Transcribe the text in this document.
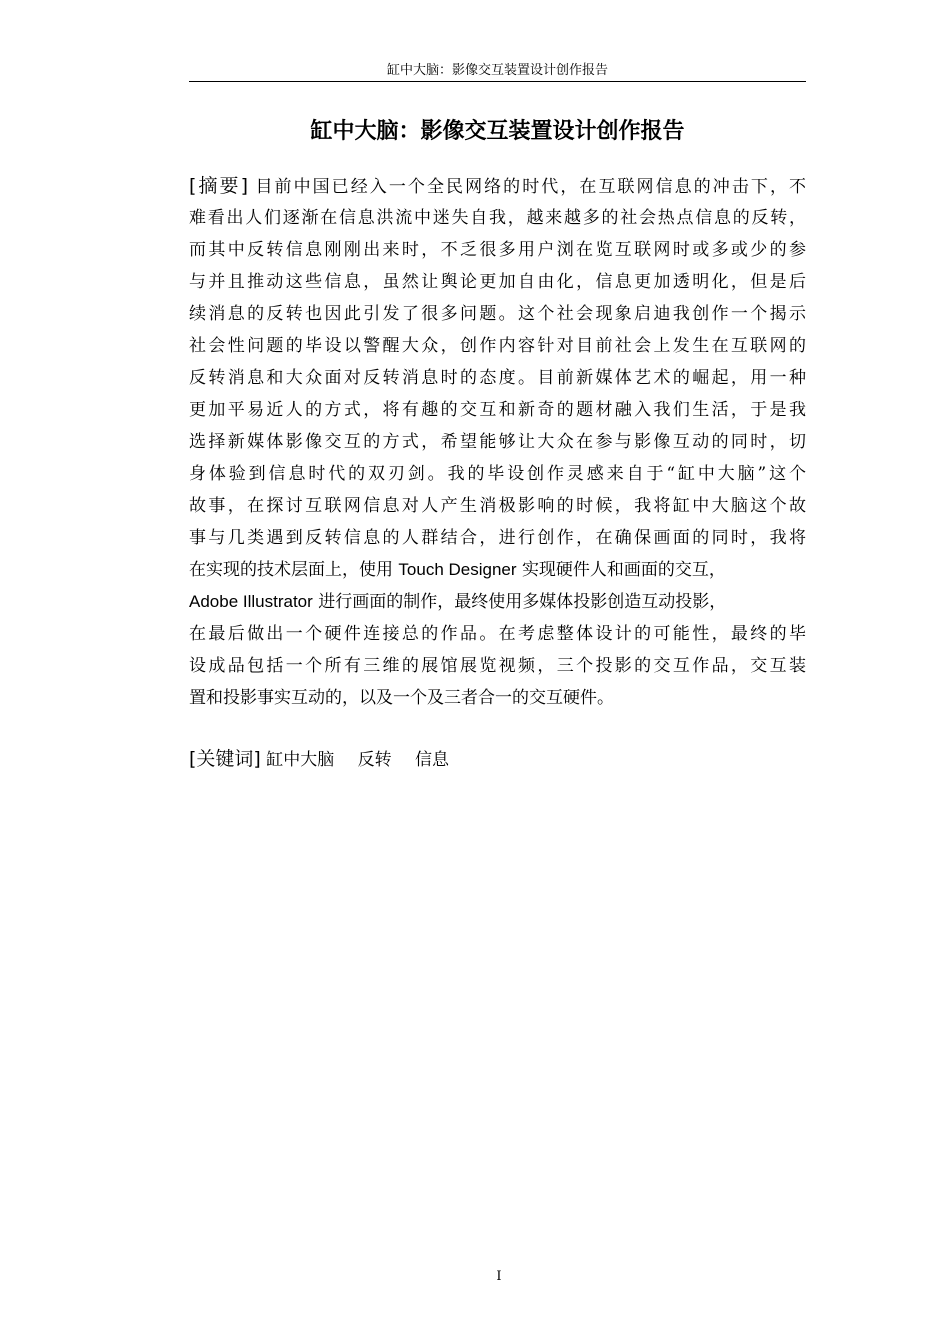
缸中大脑：影像交互装置设计创作报告
缸中大脑：影像交互装置设计创作报告
[摘要] 目前中国已经入一个全民网络的时代，在互联网信息的冲击下，不
难看出人们逐渐在信息洪流中迷失自我，越来越多的社会热点信息的反转，
而其中反转信息刚刚出来时，不乏很多用户浏在览互联网时或多或少的参
与并且推动这些信息，虽然让舆论更加自由化，信息更加透明化，但是后
续消息的反转也因此引发了很多问题。这个社会现象启迪我创作一个揭示
社会性问题的毕设以警醒大众，创作内容针对目前社会上发生在互联网的
反转消息和大众面对反转消息时的态度。目前新媒体艺术的崛起，用一种
更加平易近人的方式，将有趣的交互和新奇的题材融入我们生活，于是我
选择新媒体影像交互的方式，希望能够让大众在参与影像互动的同时，切
身体验到信息时代的双刃剑。我的毕设创作灵感来自于“缸中大脑”这个
故事，在探讨互联网信息对人产生消极影响的时候，我将缸中大脑这个故
事与几类遇到反转信息的人群结合，进行创作，在确保画面的同时，我将
在实现的技术层面上，使用 Touch Designer 实现硬件人和画面的交互，
Adobe Illustrator 进行画面的制作，最终使用多媒体投影创造互动投影，
在最后做出一个硬件连接总的作品。在考虑整体设计的可能性，最终的毕
设成品包括一个所有三维的展馆展览视频，三个投影的交互作品，交互装
置和投影事实互动的，以及一个及三者合一的交互硬件。
[关键词] 缸中大脑 反转 信息
I
